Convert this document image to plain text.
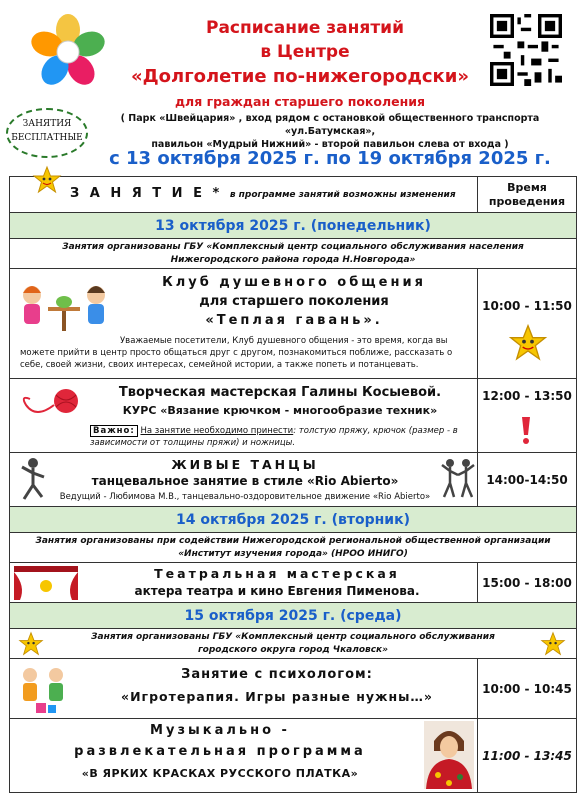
Расписание занятий
в Центре
«Долголетие по-нижегородски»
для граждан старшего поколения
( Парк «Швейцария» , вход рядом с остановкой общественного транспорта «ул.Батумская»,
павильон «Мудрый Нижний» - второй павильон слева от входа )
ЗАНЯТИЯ
БЕСПЛАТНЫЕ
с 13 октября 2025 г. по 19 октября 2025 г.
З А Н Я Т И Е * в программе занятий возможны изменения
Время
проведения
13 октября 2025 г. (понедельник)
Занятия организованы ГБУ «Комплексный центр социального обслуживания населения
Нижегородского района города Н.Новгорода»
Клуб душевного общения
для старшего поколения
«Теплая гавань».
Уважаемые посетители, Клуб душевного общения - это время, когда вы можете прийти в центр просто общаться друг с другом, познакомиться поближе, рассказать о себе, своей жизни, своих интересах, семейной истории, а также попеть и потанцевать.
10:00 - 11:50
Творческая мастерская Галины Косыевой.
КУРС «Вязание крючком - многообразие техник»
Важно: На занятие необходимо принести: толстую пряжу, крючок (размер - в зависимости от толщины пряжи) и ножницы.
12:00 - 13:50
ЖИВЫЕ ТАНЦЫ
танцевальное занятие в стиле «Rio Abierto»
Ведущий - Любимова М.В., танцевально-оздоровительное движение «Rio Abierto»
14:00-14:50
14 октября 2025 г. (вторник)
Занятия организованы при содействии Нижегородской региональной общественной организации
«Институт изучения города» (НРОО ИНИГО)
Театральная мастерская
актера театра и кино Евгения Пименова.
15:00 - 18:00
15 октября 2025 г. (среда)
Занятия организованы ГБУ «Комплексный центр социального обслуживания
городского округа город Чкаловск»
Занятие с психологом:
«Игротерапия. Игры разные нужны…»
10:00 - 10:45
Музыкально -
развлекательная программа
«В ЯРКИХ КРАСКАХ РУССКОГО ПЛАТКА»
11:00 - 13:45
